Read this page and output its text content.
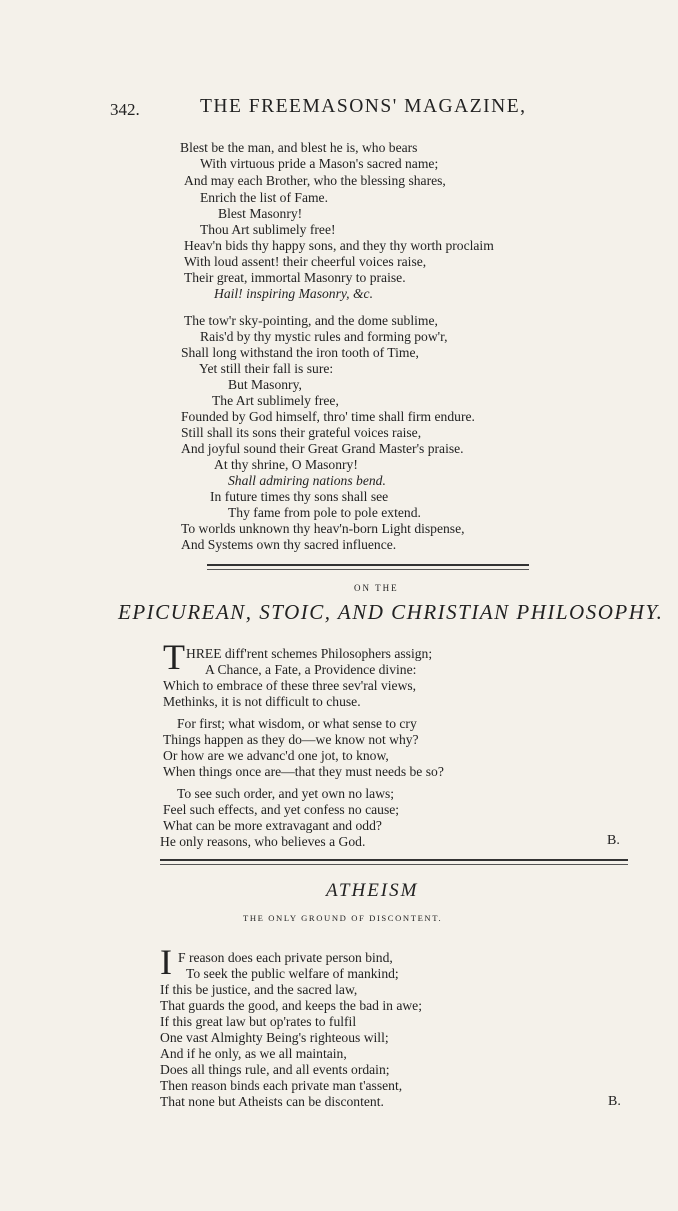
342.	THE FREEMASONS' MAGAZINE,
Blest be the man, and blest he is, who bears
With virtuous pride a Mason's sacred name;
And may each Brother, who the blessing shares,
Enrich the list of Fame.
Blest Masonry!
Thou Art sublimely free!
Heav'n bids thy happy sons, and they thy worth proclaim
With loud assent! their cheerful voices raise,
Their great, immortal Masonry to praise.
Hail! inspiring Masonry, &c.
The tow'r sky-pointing, and the dome sublime,
Rais'd by thy mystic rules and forming pow'r,
Shall long withstand the iron tooth of Time,
Yet still their fall is sure:
But Masonry,
The Art sublimely free,
Founded by God himself, thro' time shall firm endure.
Still shall its sons their grateful voices raise,
And joyful sound their Great Grand Master's praise.
At thy shrine, O Masonry!
Shall admiring nations bend.
In future times thy sons shall see
Thy fame from pole to pole extend.
To worlds unknown thy heav'n-born Light dispense,
And Systems own thy sacred influence.
ON THE
EPICUREAN, STOIC, AND CHRISTIAN PHILOSOPHY.
T HREE diff'rent schemes Philosophers assign;
A Chance, a Fate, a Providence divine:
Which to embrace of these three sev'ral views,
Methinks, it is not difficult to chuse.
For first; what wisdom, or what sense to cry
Things happen as they do—we know not why?
Or how are we advanc'd one jot, to know,
When things once are—that they must needs be so?
To see such order, and yet own no laws;
Feel such effects, and yet confess no cause;
What can be more extravagant and odd?
He only reasons, who believes a God.	B.
ATHEISM
THE ONLY GROUND OF DISCONTENT.
I F reason does each private person bind,
To seek the public welfare of mankind;
If this be justice, and the sacred law,
That guards the good, and keeps the bad in awe;
If this great law but op'rates to fulfil
One vast Almighty Being's righteous will;
And if he only, as we all maintain,
Does all things rule, and all events ordain;
Then reason binds each private man t'assent,
That none but Atheists can be discontent.	B.
